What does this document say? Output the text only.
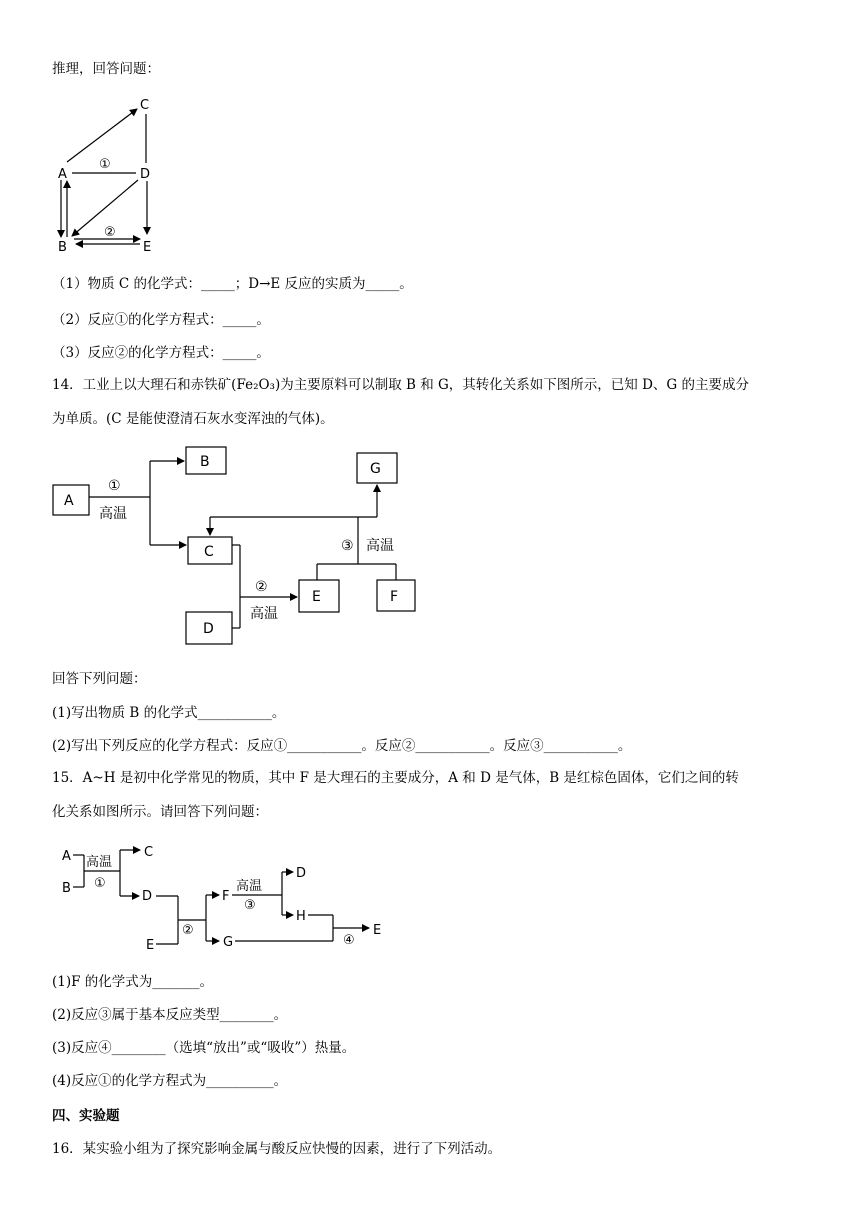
C
A	D
B	E
①
②
A
B
C
D
E	F
G
①
高温
②
高温
③ 高温
A
B
C
D
E
F
G
D
H
E
高温
①
②
高温
③
④
推理，回答问题：
（1）物质 C 的化学式：_____；D→E 反应的实质为_____。
（2）反应①的化学方程式：_____。
（3）反应②的化学方程式：_____。
14．工业上以大理石和赤铁矿(Fe₂O₃)为主要原料可以制取 B 和 G，其转化关系如下图所示，已知 D、G 的主要成分
为单质。(C 是能使澄清石灰水变浑浊的气体)。
回答下列问题：
(1)写出物质 B 的化学式___________。
(2)写出下列反应的化学方程式：反应①___________。反应②___________。反应③___________。
15．A~H 是初中化学常见的物质，其中 F 是大理石的主要成分，A 和 D 是气体，B 是红棕色固体，它们之间的转
化关系如图所示。请回答下列问题：
(1)F 的化学式为_______。
(2)反应③属于基本反应类型________。
(3)反应④________（选填“放出”或“吸收”）热量。
(4)反应①的化学方程式为__________。
四、实验题
16．某实验小组为了探究影响金属与酸反应快慢的因素，进行了下列活动。
